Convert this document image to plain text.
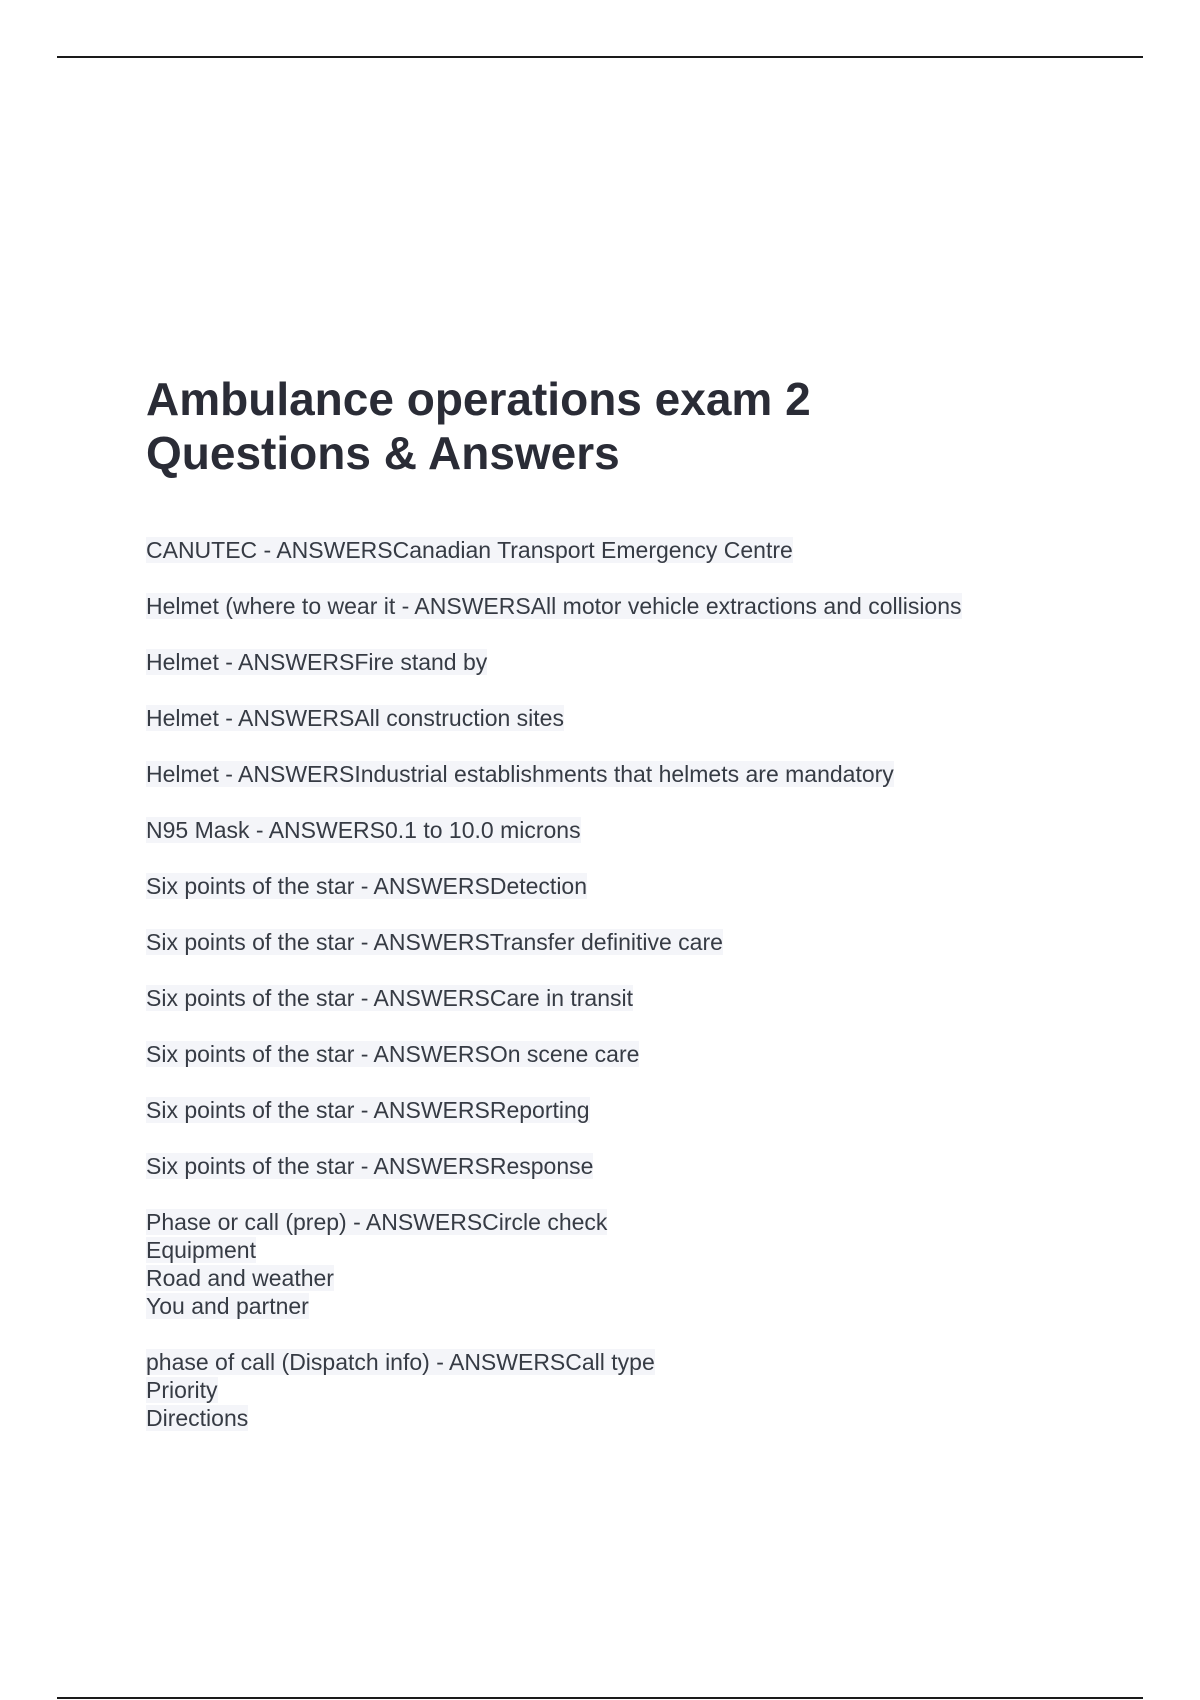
Ambulance operations exam 2
Questions & Answers
CANUTEC - ANSWERSCanadian Transport Emergency Centre
Helmet (where to wear it - ANSWERSAll motor vehicle extractions and collisions
Helmet - ANSWERSFire stand by
Helmet - ANSWERSAll construction sites
Helmet - ANSWERSIndustrial establishments that helmets are mandatory
N95 Mask - ANSWERS0.1 to 10.0 microns
Six points of the star - ANSWERSDetection
Six points of the star - ANSWERSTransfer definitive care
Six points of the star - ANSWERSCare in transit
Six points of the star - ANSWERSOn scene care
Six points of the star - ANSWERSReporting
Six points of the star - ANSWERSResponse
Phase or call (prep) - ANSWERSCircle check
Equipment
Road and weather
You and partner
phase of call (Dispatch info) - ANSWERSCall type
Priority
Directions
